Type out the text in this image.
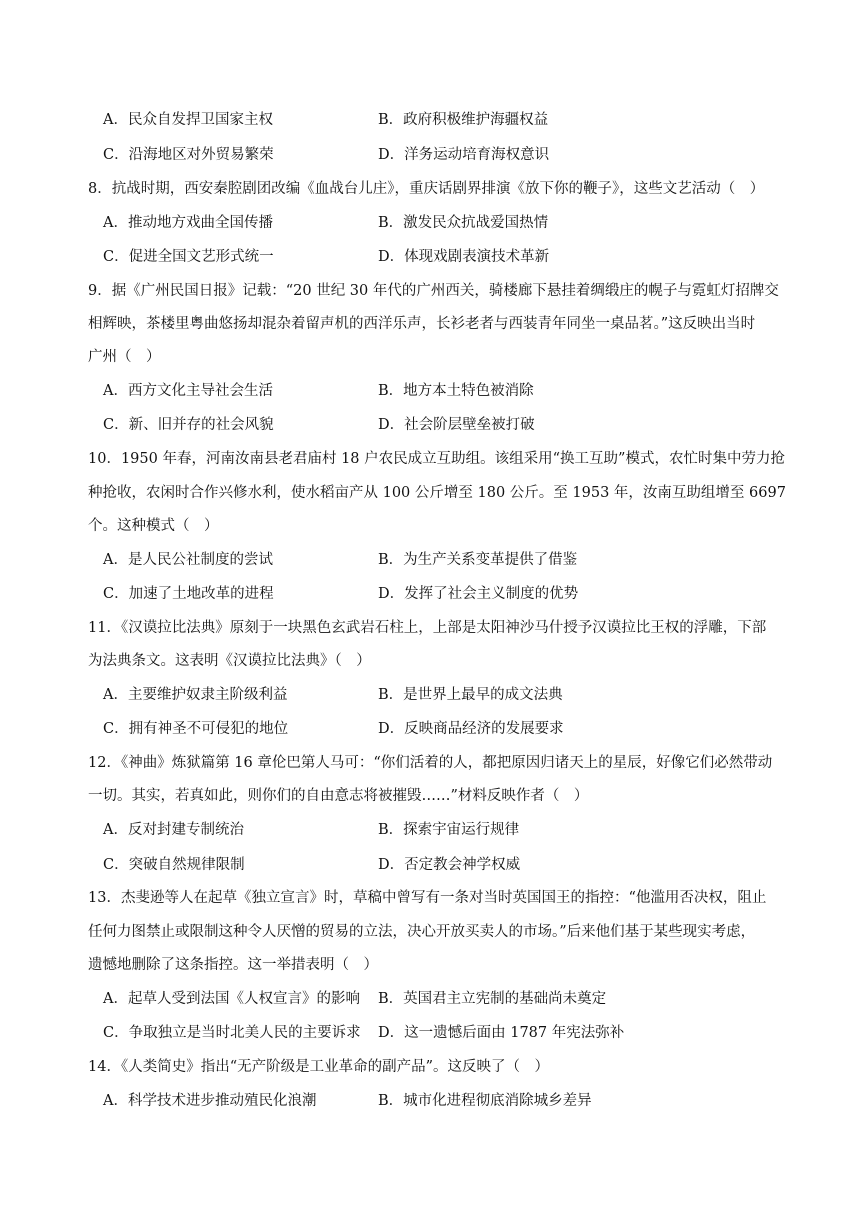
A．民众自发捍卫国家主权	B．政府积极维护海疆权益
C．沿海地区对外贸易繁荣	D．洋务运动培育海权意识
8．抗战时期，西安秦腔剧团改编《血战台儿庄》，重庆话剧界排演《放下你的鞭子》，这些文艺活动（　）
A．推动地方戏曲全国传播	B．激发民众抗战爱国热情
C．促进全国文艺形式统一	D．体现戏剧表演技术革新
9．据《广州民国日报》记载：“20 世纪 30 年代的广州西关，骑楼廊下悬挂着绸缎庄的幌子与霓虹灯招牌交
相辉映，茶楼里粤曲悠扬却混杂着留声机的西洋乐声，长衫老者与西装青年同坐一桌品茗。”这反映出当时
广州（　）
A．西方文化主导社会生活	B．地方本土特色被消除
C．新、旧并存的社会风貌	D．社会阶层壁垒被打破
10．1950 年春，河南汝南县老君庙村 18 户农民成立互助组。该组采用“换工互助”模式，农忙时集中劳力抢
种抢收，农闲时合作兴修水利，使水稻亩产从 100 公斤增至 180 公斤。至 1953 年，汝南互助组增至 6697
个。这种模式（　）
A．是人民公社制度的尝试	B．为生产关系变革提供了借鉴
C．加速了土地改革的进程	D．发挥了社会主义制度的优势
11．《汉谟拉比法典》原刻于一块黑色玄武岩石柱上，上部是太阳神沙马什授予汉谟拉比王权的浮雕，下部
为法典条文。这表明《汉谟拉比法典》（　）
A．主要维护奴隶主阶级利益	B．是世界上最早的成文法典
C．拥有神圣不可侵犯的地位	D．反映商品经济的发展要求
12．《神曲》炼狱篇第 16 章伦巴第人马可：“你们活着的人，都把原因归诸天上的星辰，好像它们必然带动
一切。其实，若真如此，则你们的自由意志将被摧毁……”材料反映作者（　）
A．反对封建专制统治	B．探索宇宙运行规律
C．突破自然规律限制	D．否定教会神学权威
13．杰斐逊等人在起草《独立宣言》时，草稿中曾写有一条对当时英国国王的指控：“他滥用否决权，阻止
任何力图禁止或限制这种令人厌憎的贸易的立法，决心开放买卖人的市场。”后来他们基于某些现实考虑，
遗憾地删除了这条指控。这一举措表明（　）
A．起草人受到法国《人权宣言》的影响 B．英国君主立宪制的基础尚未奠定
C．争取独立是当时北美人民的主要诉求 D．这一遗憾后面由 1787 年宪法弥补
14．《人类简史》指出“无产阶级是工业革命的副产品”。这反映了（　）
A．科学技术进步推动殖民化浪潮	B．城市化进程彻底消除城乡差异
